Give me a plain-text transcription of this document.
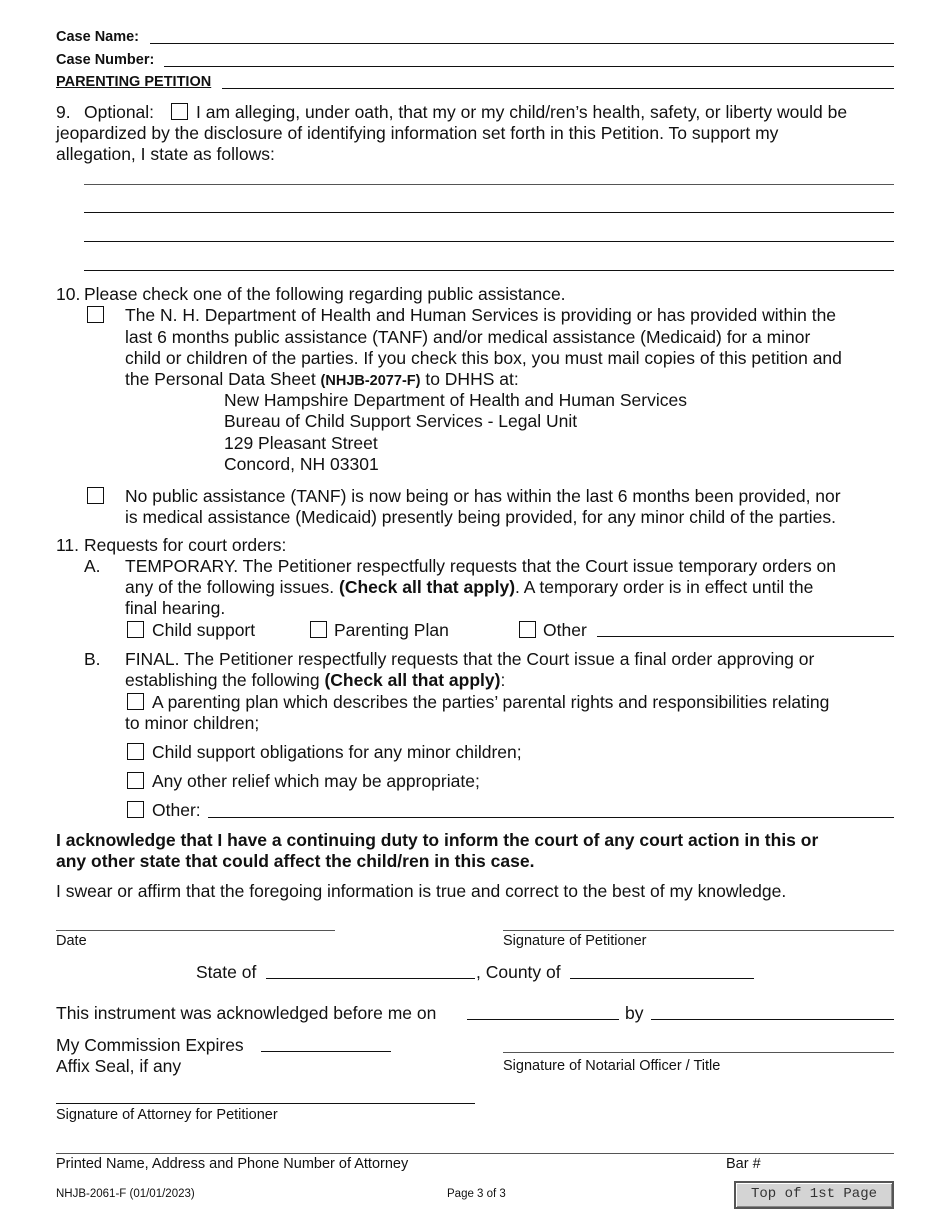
Case Name:
Case Number:
PARENTING PETITION
9. Optional: I am alleging, under oath, that my or my child/ren’s health, safety, or liberty would be
jeopardized by the disclosure of identifying information set forth in this Petition. To support my
allegation, I state as follows:
10. Please check one of the following regarding public assistance.
The N. H. Department of Health and Human Services is providing or has provided within the
last 6 months public assistance (TANF) and/or medical assistance (Medicaid) for a minor
child or children of the parties. If you check this box, you must mail copies of this petition and
the Personal Data Sheet (NHJB-2077-F) to DHHS at:
New Hampshire Department of Health and Human Services
Bureau of Child Support Services - Legal Unit
129 Pleasant Street
Concord, NH 03301
No public assistance (TANF) is now being or has within the last 6 months been provided, nor
is medical assistance (Medicaid) presently being provided, for any minor child of the parties.
11. Requests for court orders:
A. TEMPORARY. The Petitioner respectfully requests that the Court issue temporary orders on
any of the following issues. (Check all that apply). A temporary order is in effect until the
final hearing.
Child support	Parenting Plan	Other
B. FINAL. The Petitioner respectfully requests that the Court issue a final order approving or
establishing the following (Check all that apply):
A parenting plan which describes the parties’ parental rights and responsibilities relating
to minor children;
Child support obligations for any minor children;
Any other relief which may be appropriate;
Other:
I acknowledge that I have a continuing duty to inform the court of any court action in this or
any other state that could affect the child/ren in this case.
I swear or affirm that the foregoing information is true and correct to the best of my knowledge.
Date	Signature of Petitioner
State of	, County of
This instrument was acknowledged before me on	by
My Commission Expires
Affix Seal, if any	Signature of Notarial Officer / Title
Signature of Attorney for Petitioner
Printed Name, Address and Phone Number of Attorney	Bar #
NHJB-2061-F (01/01/2023)	Page 3 of 3	Top of 1st Page
